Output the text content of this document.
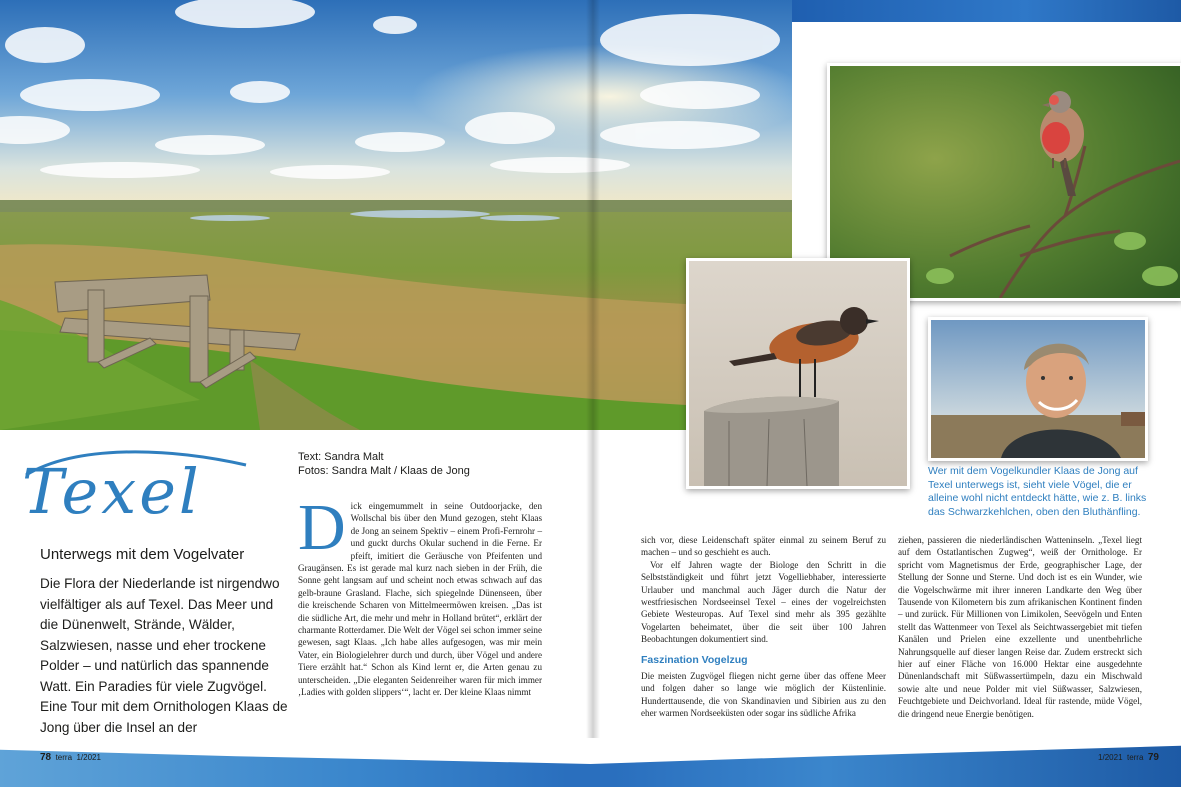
Wer mit dem Vogelkundler Klaas de Jong auf Texel unterwegs ist, sieht viele Vögel, die er alleine wohl nicht entdeckt hätte, wie z. B. links das Schwarzkehlchen, oben den Bluthänfling.
Texel
Unterwegs mit dem Vogelvater
Die Flora der Niederlande ist nirgendwo vielfältiger als auf Texel. Das Meer und die Dünenwelt, Strände, Wälder, Salzwiesen, nasse und eher trockene Polder – und natürlich das spannende Watt. Ein Paradies für viele Zugvögel. Eine Tour mit dem Ornithologen Klaas de Jong über die Insel an der
Text: Sandra Malt
Fotos: Sandra Malt / Klaas de Jong
D ick eingemummelt in seine Outdoorjacke, den Wollschal bis über den Mund gezogen, steht Klaas de Jong an seinem Spektiv – einem Profi-Fernrohr – und guckt durchs Okular suchend in die Ferne. Er pfeift, imitiert die Geräusche von Pfeifenten und Graugänsen. Es ist gerade mal kurz nach sieben in der Früh, die Sonne geht langsam auf und scheint noch etwas schwach auf das gelb-braune Grasland. Flache, sich spiegelnde Dünenseen, über die kreischende Scharen von Mittelmeermöwen kreisen. „Das ist die südliche Art, die mehr und mehr in Holland brütet“, erklärt der charmante Rotterdamer. Die Welt der Vögel sei schon immer seine gewesen, sagt Klaas. „Ich habe alles aufgesogen, was mir mein Vater, ein Biologielehrer durch und durch, über Vögel und andere Tiere erzählt hat.“ Schon als Kind lernt er, die Arten genau zu unterscheiden. „Die eleganten Seidenreiher waren für mich immer ‚Ladies with golden slippers‘“, lacht er. Der kleine Klaas nimmt

sich vor, diese Leidenschaft später einmal zu seinem Beruf zu machen – und so geschieht es auch.

Vor elf Jahren wagte der Biologe den Schritt in die Selbstständigkeit und führt jetzt Vogelliebhaber, interessierte Urlauber und manchmal auch Jäger durch die Natur der westfriesischen Nordseeinsel Texel – eines der vogelreichsten Gebiete Westeuropas. Auf Texel sind mehr als 395 gezählte Vogelarten beheimatet, über die seit über 100 Jahren Beobachtungen dokumentiert sind.

Faszination Vogelzug

Die meisten Zugvögel fliegen nicht gerne über das offene Meer und folgen daher so lange wie möglich der Küstenlinie. Hunderttausende, die von Skandinavien und Sibirien aus zu den eher warmen Nordseeküsten oder sogar ins südliche Afrika

ziehen, passieren die niederländischen Watteninseln. „Texel liegt auf dem Ostatlantischen Zugweg“, weiß der Ornithologe. Er spricht vom Magnetismus der Erde, geographischer Lage, der Stellung der Sonne und Sterne. Und doch ist es ein Wunder, wie die Vogelschwärme mit ihrer inneren Landkarte den Weg über Tausende von Kilometern bis zum afrikanischen Kontinent finden – und zurück. Für Millionen von Limikolen, Seevögeln und Enten stellt das Wattenmeer von Texel als Seichtwassergebiet mit tiefen Kanälen und Prielen eine exzellente und unentbehrliche Nahrungsquelle auf dieser langen Reise dar. Zudem erstreckt sich hier auf einer Fläche von 16.000 Hektar eine ausgedehnte Dünenlandschaft mit Süßwassertümpeln, dazu ein Mischwald sowie alte und neue Polder mit viel Süßwasser, Salzwiesen, Feuchtgebiete und Deichvorland. Ideal für rastende, müde Vögel, die dringend neue Energie benötigen.

78 terra 1/2021	1/2021 terra 79
